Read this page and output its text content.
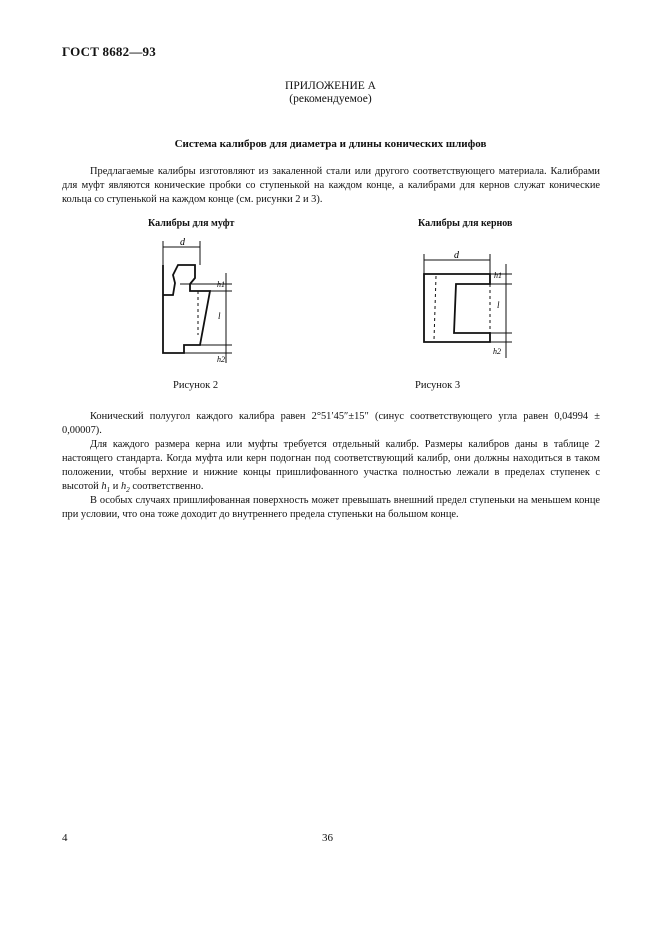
ГОСТ 8682—93
ПРИЛОЖЕНИЕ А
(рекомендуемое)
Система калибров для диаметра и длины конических шлифов
Предлагаемые калибры изготовляют из закаленной стали или другого соответствующего материала. Калибрами для муфт являются конические пробки со ступенькой на каждом конце, а калибрами для кернов служат конические кольца со ступенькой на каждом конце (см. рисунки 2 и 3).
Калибры для муфт
d
h1
l
h2
Рисунок 2
Калибры для кернов
d
h1
l
h2
Рисунок 3
Конический полуугол каждого калибра равен 2°51′45″±15″ (синус соответствующего угла равен 0,04994 ± 0,00007).
Для каждого размера керна или муфты требуется отдельный калибр. Размеры калибров даны в таблице 2 настоящего стандарта. Когда муфта или керн подогнан под соответствующий калибр, они должны находиться в таком положении, чтобы верхние и нижние концы пришлифованного участка полностью лежали в пределах ступенек с высотой $h_1$ и $h_2$ соответственно.
В особых случаях пришлифованная поверхность может превышать внешний предел ступеньки на меньшем конце при условии, что она тоже доходит до внутреннего предела ступеньки на большом конце.
4	36
